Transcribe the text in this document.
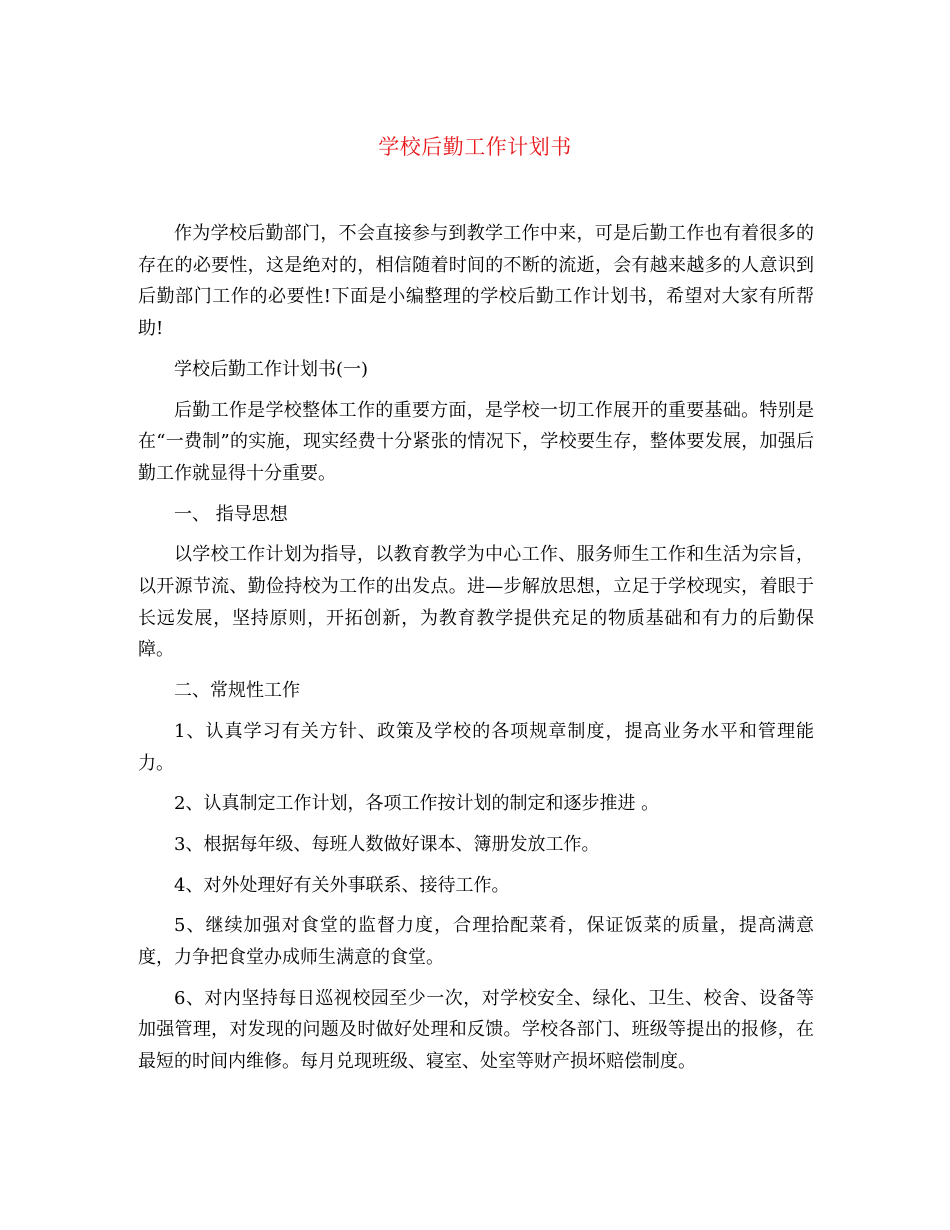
学校后勤工作计划书

作为学校后勤部门，不会直接参与到教学工作中来，可是后勤工作也有着很多的存在的必要性，这是绝对的，相信随着时间的不断的流逝，会有越来越多的人意识到后勤部门工作的必要性!下面是小编整理的学校后勤工作计划书，希望对大家有所帮助!

学校后勤工作计划书(一)

后勤工作是学校整体工作的重要方面，是学校一切工作展开的重要基础。特别是在“一费制”的实施，现实经费十分紧张的情况下，学校要生存，整体要发展，加强后勤工作就显得十分重要。

一、 指导思想

以学校工作计划为指导，以教育教学为中心工作、服务师生工作和生活为宗旨，以开源节流、勤俭持校为工作的出发点。进—步解放思想，立足于学校现实，着眼于长远发展，坚持原则，开拓创新，为教育教学提供充足的物质基础和有力的后勤保障。

二、常规性工作

1、认真学习有关方针、政策及学校的各项规章制度，提高业务水平和管理能力。

2、认真制定工作计划，各项工作按计划的制定和逐步推进 。

3、根据每年级、每班人数做好课本、簿册发放工作。

4、对外处理好有关外事联系、接待工作。

5、继续加强对食堂的监督力度，合理拾配菜肴，保证饭菜的质量，提高满意度，力争把食堂办成师生满意的食堂。

6、对内坚持每日巡视校园至少一次，对学校安全、绿化、卫生、校舍、设备等加强管理，对发现的问题及时做好处理和反馈。学校各部门、班级等提出的报修，在最短的时间内维修。每月兑现班级、寝室、处室等财产损坏赔偿制度。
